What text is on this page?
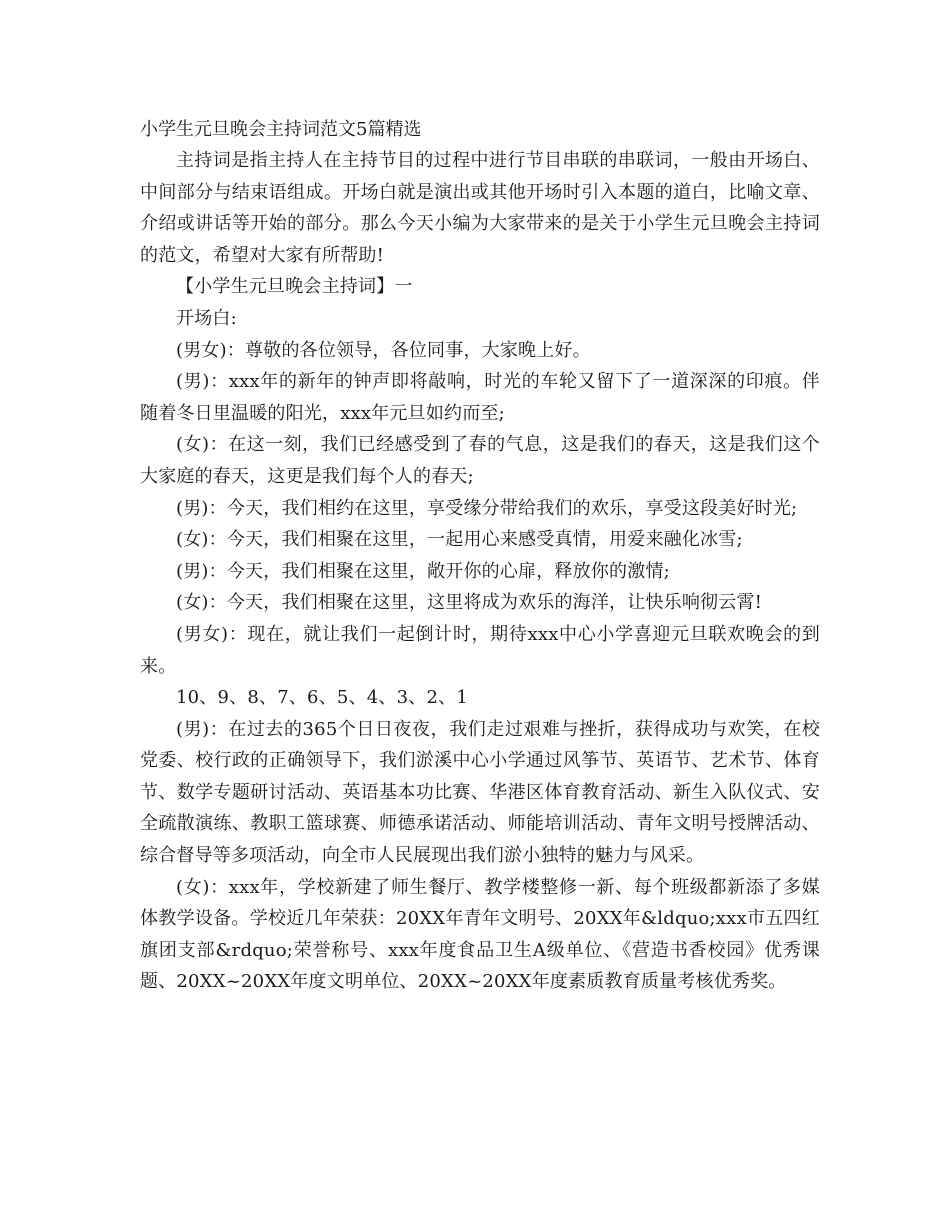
小学生元旦晚会主持词范文5篇精选

主持词是指主持人在主持节目的过程中进行节目串联的串联词，一般由开场白、中间部分与结束语组成。开场白就是演出或其他开场时引入本题的道白，比喻文章、介绍或讲话等开始的部分。那么今天小编为大家带来的是关于小学生元旦晚会主持词的范文，希望对大家有所帮助!

【小学生元旦晚会主持词】一

开场白:

(男女)：尊敬的各位领导，各位同事，大家晚上好。

(男)：xxx年的新年的钟声即将敲响，时光的车轮又留下了一道深深的印痕。伴随着冬日里温暖的阳光，xxx年元旦如约而至;

(女)：在这一刻，我们已经感受到了春的气息，这是我们的春天，这是我们这个大家庭的春天，这更是我们每个人的春天;

(男)：今天，我们相约在这里，享受缘分带给我们的欢乐，享受这段美好时光;

(女)：今天，我们相聚在这里，一起用心来感受真情，用爱来融化冰雪;

(男)：今天，我们相聚在这里，敞开你的心扉，释放你的激情;

(女)：今天，我们相聚在这里，这里将成为欢乐的海洋，让快乐响彻云霄!

(男女)：现在，就让我们一起倒计时，期待xxx中心小学喜迎元旦联欢晚会的到来。

10、9、8、7、6、5、4、3、2、1

(男)：在过去的365个日日夜夜，我们走过艰难与挫折，获得成功与欢笑，在校党委、校行政的正确领导下，我们淤溪中心小学通过风筝节、英语节、艺术节、体育节、数学专题研讨活动、英语基本功比赛、华港区体育教育活动、新生入队仪式、安全疏散演练、教职工篮球赛、师德承诺活动、师能培训活动、青年文明号授牌活动、综合督导等多项活动，向全市人民展现出我们淤小独特的魅力与风采。

(女)：xxx年，学校新建了师生餐厅、教学楼整修一新、每个班级都新添了多媒体教学设备。学校近几年荣获：20XX年青年文明号、20XX年&ldquo;xxx市五四红旗团支部&rdquo;荣誉称号、xxx年度食品卫生A级单位、《营造书香校园》优秀课题、20XX~20XX年度文明单位、20XX~20XX年度素质教育质量考核优秀奖。
